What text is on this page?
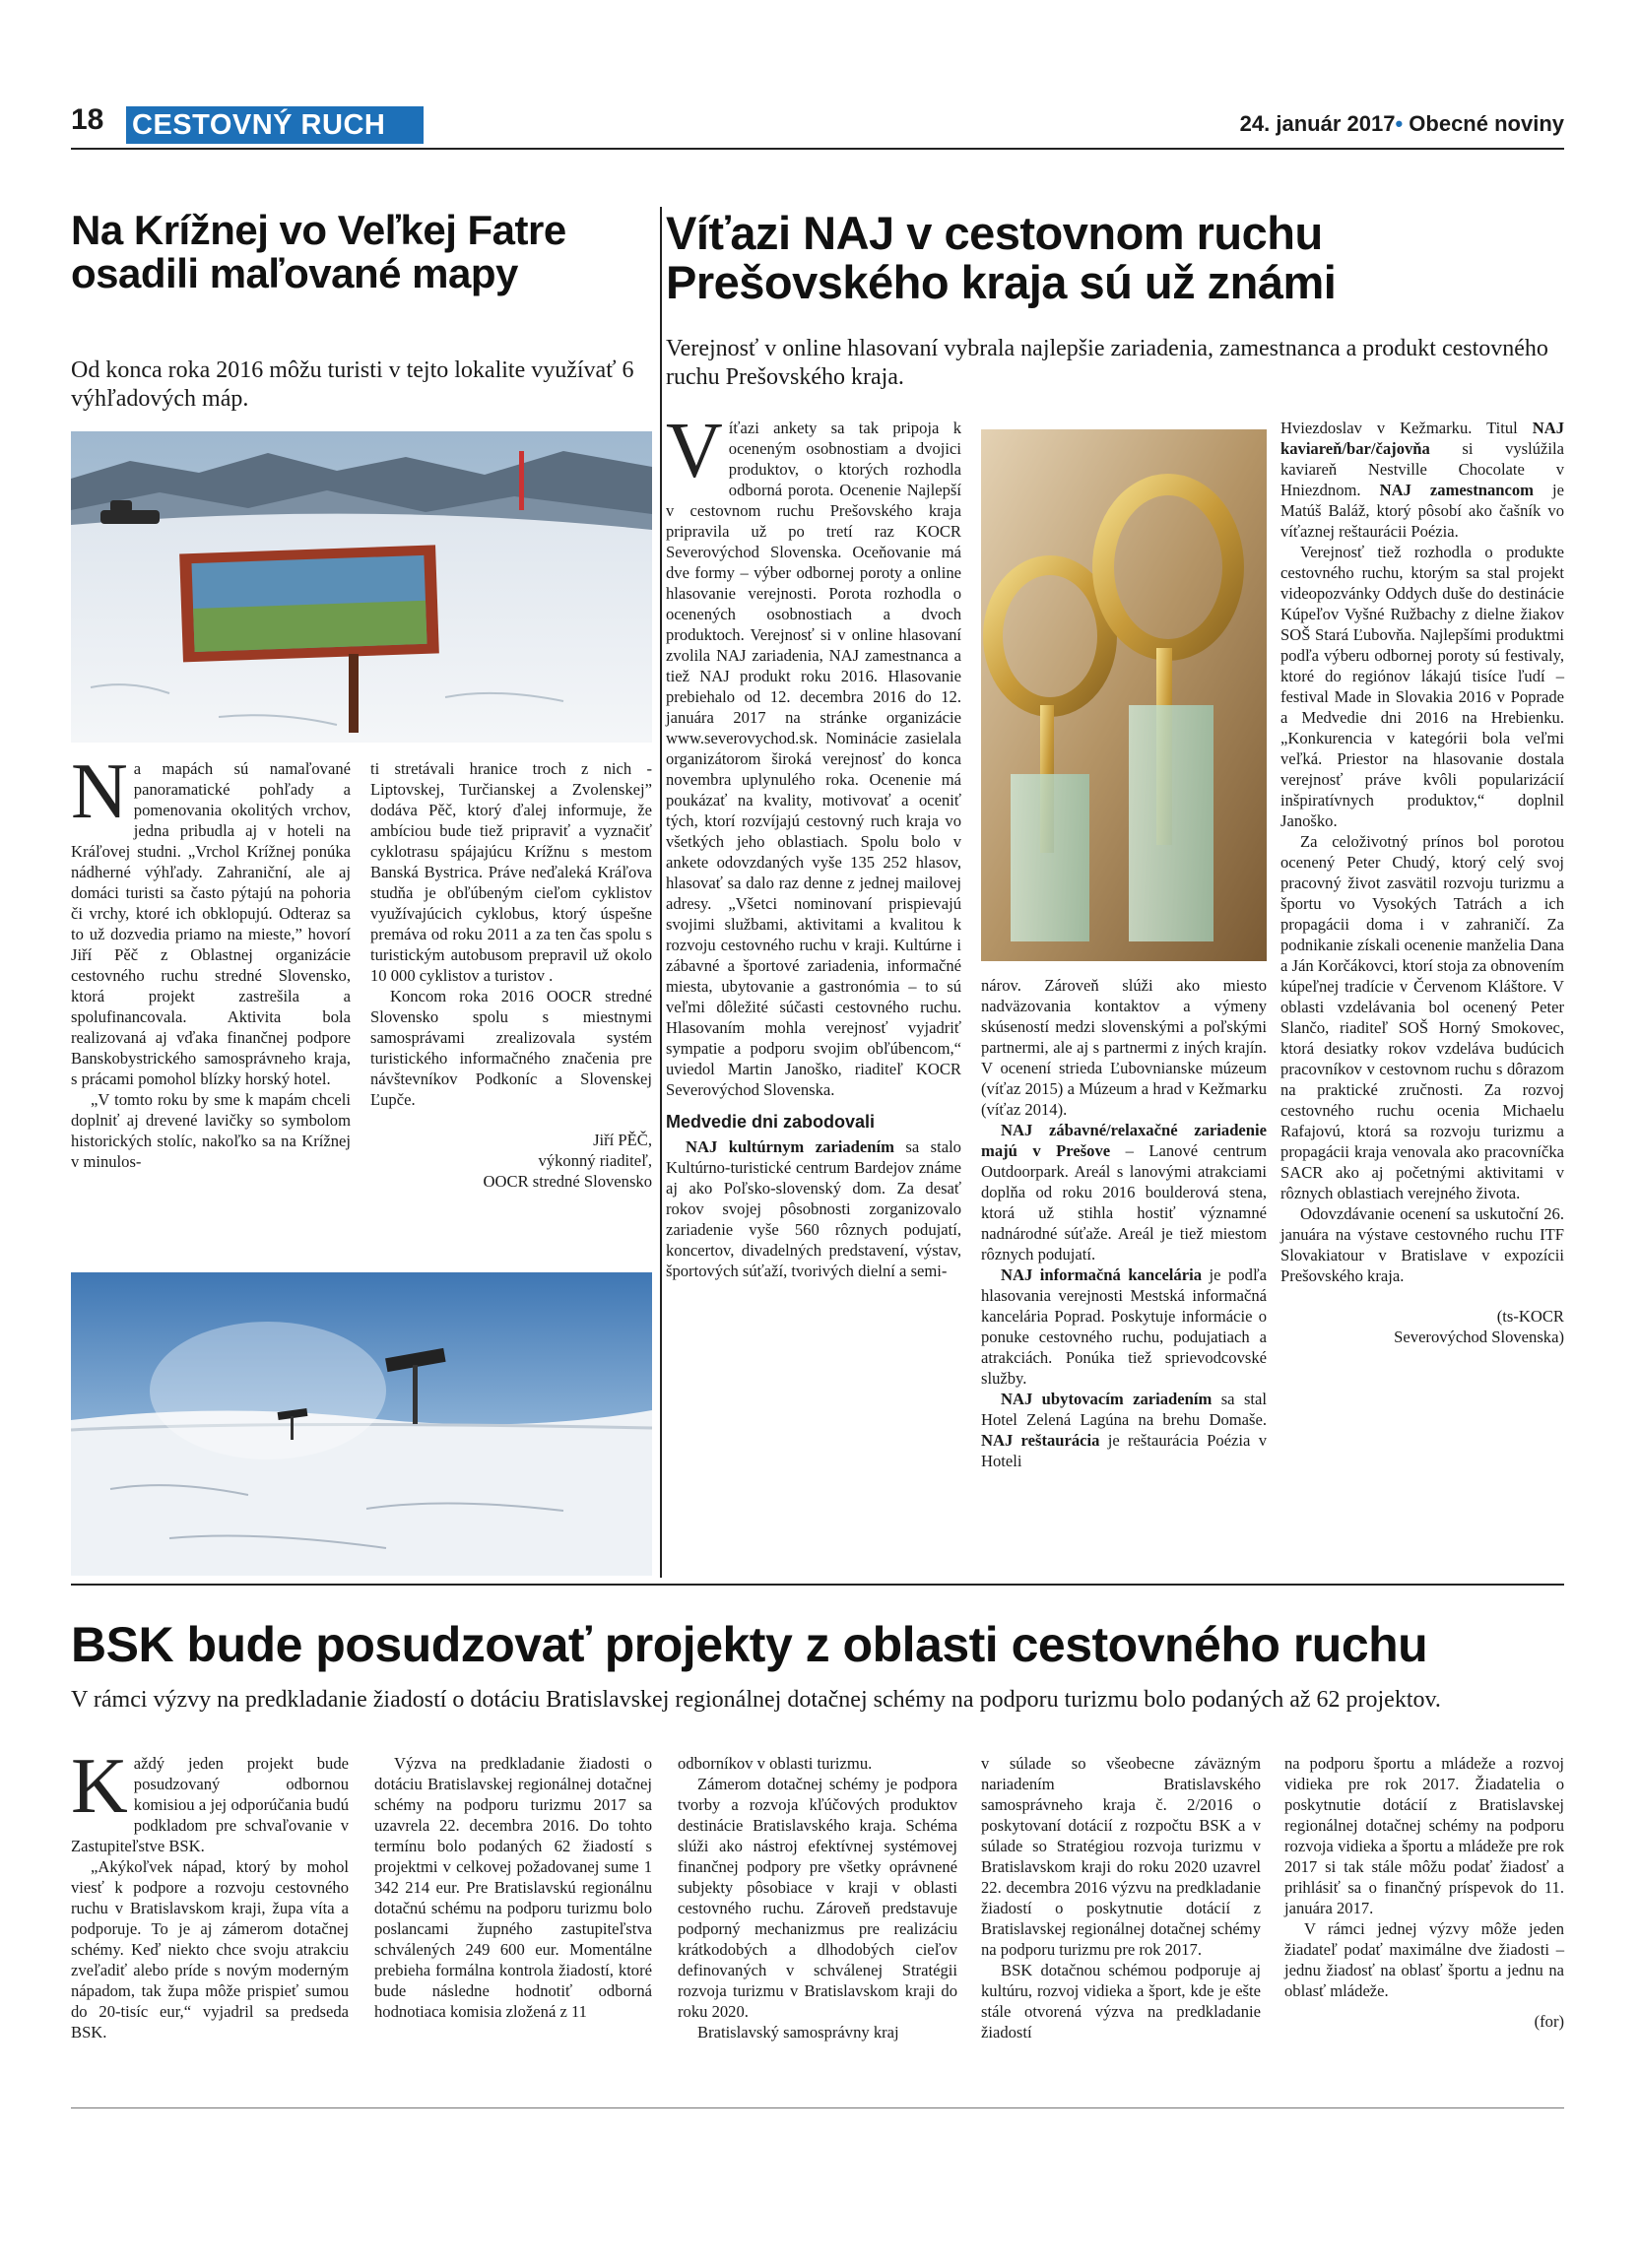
18 CESTOVNÝ RUCH	24. január 2017• Obecné noviny
Na Krížnej vo Veľkej Fatre osadili maľované mapy
Od konca roka 2016 môžu turisti v tejto lokalite využívať 6 výhľadových máp.

Na mapách sú namaľované panoramatické pohľady a pomenovania okolitých vrchov, jedna pribudla aj v hoteli na Kráľovej studni. „Vrchol Krížnej ponúka nádherné výhľady. Zahraniční, ale aj domáci turisti sa často pýtajú na pohoria či vrchy, ktoré ich obklopujú. Odteraz sa to už dozvedia priamo na mieste,” hovorí Jiří Pěč z Oblastnej organizácie cestovného ruchu stredné Slovensko, ktorá projekt zastrešila a spolufinancovala. Aktivita bola realizovaná aj vďaka finančnej podpore Banskobystrického samosprávneho kraja, s prácami pomohol blízky horský hotel.

„V tomto roku by sme k mapám chceli doplniť aj drevené lavičky so symbolom historických stolíc, nakoľko sa na Krížnej v minulos-

ti stretávali hranice troch z nich - Liptovskej, Turčianskej a Zvolenskej” dodáva Pěč, ktorý ďalej informuje, že ambíciou bude tiež pripraviť a vyznačiť cyklotrasu spájajúcu Krížnu s mestom Banská Bystrica. Práve neďaleká Kráľova studňa je obľúbeným cieľom cyklistov využívajúcich cyklobus, ktorý úspešne premáva od roku 2011 a za ten čas spolu s turistickým autobusom prepravil už okolo 10 000 cyklistov a turistov .

Koncom roka 2016 OOCR stredné Slovensko spolu s miestnymi samosprávami zrealizovala systém turistického informačného značenia pre návštevníkov Podkoníc a Slovenskej Ľupče.

Jiří PĚČ,

výkonný riaditeľ,

OOCR stredné Slovensko

Víťazi NAJ v cestovnom ruchu Prešovského kraja sú už známi
Verejnosť v online hlasovaní vybrala najlepšie zariadenia, zamestnanca a produkt cestovného ruchu Prešovského kraja.

Víťazi ankety sa tak pripoja k oceneným osobnostiam a dvojici produktov, o ktorých rozhodla odborná porota. Ocenenie Najlepší v cestovnom ruchu Prešovského kraja pripravila už po tretí raz KOCR Severovýchod Slovenska. Oceňovanie má dve formy – výber odbornej poroty a online hlasovanie verejnosti. Porota rozhodla o ocenených osobnostiach a dvoch produktoch. Verejnosť si v online hlasovaní zvolila NAJ zariadenia, NAJ zamestnanca a tiež NAJ produkt roku 2016. Hlasovanie prebiehalo od 12. decembra 2016 do 12. januára 2017 na stránke organizácie www.severovychod.sk. Nominácie zasielala organizátorom široká verejnosť do konca novembra uplynulého roka. Ocenenie má poukázať na kvality, motivovať a oceniť tých, ktorí rozvíjajú cestovný ruch kraja vo všetkých jeho oblastiach. Spolu bolo v ankete odovzdaných vyše 135 252 hlasov, hlasovať sa dalo raz denne z jednej mailovej adresy. „Všetci nominovaní prispievajú svojimi službami, aktivitami a kvalitou k rozvoju cestovného ruchu v kraji. Kultúrne i zábavné a športové zariadenia, informačné miesta, ubytovanie a gastronómia – to sú veľmi dôležité súčasti cestovného ruchu. Hlasovaním mohla verejnosť vyjadriť sympatie a podporu svojim obľúbencom,“ uviedol Martin Janoško, riaditeľ KOCR Severovýchod Slovenska.

Medvedie dni zabodovali

NAJ kultúrnym zariadením sa stalo Kultúrno-turistické centrum Bardejov známe aj ako Poľsko-slovenský dom. Za desať rokov svojej pôsobnosti zorganizovalo zariadenie vyše 560 rôznych podujatí, koncertov, divadelných predstavení, výstav, športových súťaží, tvorivých dielní a semi-

nárov. Zároveň slúži ako miesto nadväzovania kontaktov a výmeny skúseností medzi slovenskými a poľskými partnermi, ale aj s partnermi z iných krajín. V ocenení strieda Ľubovnianske múzeum (víťaz 2015) a Múzeum a hrad v Kežmarku (víťaz 2014).

NAJ zábavné/relaxačné zariadenie majú v Prešove – Lanové centrum Outdoorpark. Areál s lanovými atrakciami doplňa od roku 2016 boulderová stena, ktorá už stihla hostiť významné nadnárodné súťaže. Areál je tiež miestom rôznych podujatí.

NAJ informačná kancelária je podľa hlasovania verejnosti Mestská informačná kancelária Poprad. Poskytuje informácie o ponuke cestovného ruchu, podujatiach a atrakciách. Ponúka tiež sprievodcovské služby.

NAJ ubytovacím zariadením sa stal Hotel Zelená Lagúna na brehu Domaše. NAJ reštaurácia je reštaurácia Poézia v Hoteli

Hviezdoslav v Kežmarku. Titul NAJ kaviareň/bar/čajovňa si vyslúžila kaviareň Nestville Chocolate v Hniezdnom. NAJ zamestnancom je Matúš Baláž, ktorý pôsobí ako čašník vo víťaznej reštaurácii Poézia.

Verejnosť tiež rozhodla o produkte cestovného ruchu, ktorým sa stal projekt videopozvánky Oddych duše do destinácie Kúpeľov Vyšné Ružbachy z dielne žiakov SOŠ Stará Ľubovňa. Najlepšími produktmi podľa výberu odbornej poroty sú festivaly, ktoré do regiónov lákajú tisíce ľudí – festival Made in Slovakia 2016 v Poprade a Medvedie dni 2016 na Hrebienku. „Konkurencia v kategórii bola veľmi veľká. Priestor na hlasovanie dostala verejnosť práve kvôli popularizácií inšpiratívnych produktov,“ doplnil Janoško.

Za celoživotný prínos bol porotou ocenený Peter Chudý, ktorý celý svoj pracovný život zasvätil rozvoju turizmu a športu vo Vysokých Tatrách a ich propagácii doma i v zahraničí. Za podnikanie získali ocenenie manželia Dana a Ján Korčákovci, ktorí stoja za obnovením kúpeľnej tradície v Červenom Kláštore. V oblasti vzdelávania bol ocenený Peter Slančo, riaditeľ SOŠ Horný Smokovec, ktorá desiatky rokov vzdeláva budúcich pracovníkov v cestovnom ruchu s dôrazom na praktické zručnosti. Za rozvoj cestovného ruchu ocenia Michaelu Rafajovú, ktorá sa rozvoju turizmu a propagácii kraja venovala ako pracovníčka SACR ako aj početnými aktivitami v rôznych oblastiach verejného života.

Odovzdávanie ocenení sa uskutoční 26. januára na výstave cestovného ruchu ITF Slovakiatour v Bratislave v expozícii Prešovského kraja.

(ts-KOCR

Severovýchod Slovenska)

BSK bude posudzovať projekty z oblasti cestovného ruchu
V rámci výzvy na predkladanie žiadostí o dotáciu Bratislavskej regionálnej dotačnej schémy na podporu turizmu bolo podaných až 62 projektov.

Každý jeden projekt bude posudzovaný odbornou komisiou a jej odporúčania budú podkladom pre schvaľovanie v Zastupiteľstve BSK.

„Akýkoľvek nápad, ktorý by mohol viesť k podpore a rozvoju cestovného ruchu v Bratislavskom kraji, župa víta a podporuje. To je aj zámerom dotačnej schémy. Keď niekto chce svoju atrakciu zveľadiť alebo príde s novým moderným nápadom, tak župa môže prispieť sumou do 20-tisíc eur,“ vyjadril sa predseda BSK.

Výzva na predkladanie žiadosti o dotáciu Bratislavskej regionálnej dotačnej schémy na podporu turizmu 2017 sa uzavrela 22. decembra 2016. Do tohto termínu bolo podaných 62 žiadostí s projektmi v celkovej požadovanej sume 1 342 214 eur. Pre Bratislavskú regionálnu dotačnú schému na podporu turizmu bolo poslancami župného zastupiteľstva schválených 249 600 eur. Momentálne prebieha formálna kontrola žiadostí, ktoré bude následne hodnotiť odborná hodnotiaca komisia zložená z 11

odborníkov v oblasti turizmu.

Zámerom dotačnej schémy je podpora tvorby a rozvoja kľúčových produktov destinácie Bratislavského kraja. Schéma slúži ako nástroj efektívnej systémovej finančnej podpory pre všetky oprávnené subjekty pôsobiace v kraji v oblasti cestovného ruchu. Zároveň predstavuje podporný mechanizmus pre realizáciu krátkodobých a dlhodobých cieľov definovaných v schválenej Stratégii rozvoja turizmu v Bratislavskom kraji do roku 2020.

Bratislavský samosprávny kraj

v súlade so všeobecne záväzným nariadením Bratislavského samosprávneho kraja č. 2/2016 o poskytovaní dotácií z rozpočtu BSK a v súlade so Stratégiou rozvoja turizmu v Bratislavskom kraji do roku 2020 uzavrel 22. decembra 2016 výzvu na predkladanie žiadostí o poskytnutie dotácií z Bratislavskej regionálnej dotačnej schémy na podporu turizmu pre rok 2017.

BSK dotačnou schémou podporuje aj kultúru, rozvoj vidieka a šport, kde je ešte stále otvorená výzva na predkladanie žiadostí

na podporu športu a mládeže a rozvoj vidieka pre rok 2017. Žiadatelia o poskytnutie dotácií z Bratislavskej regionálnej dotačnej schémy na podporu rozvoja vidieka a športu a mládeže pre rok 2017 si tak stále môžu podať žiadosť a prihlásiť sa o finančný príspevok do 11. januára 2017.

V rámci jednej výzvy môže jeden žiadateľ podať maximálne dve žiadosti – jednu žiadosť na oblasť športu a jednu na oblasť mládeže.

(for)
